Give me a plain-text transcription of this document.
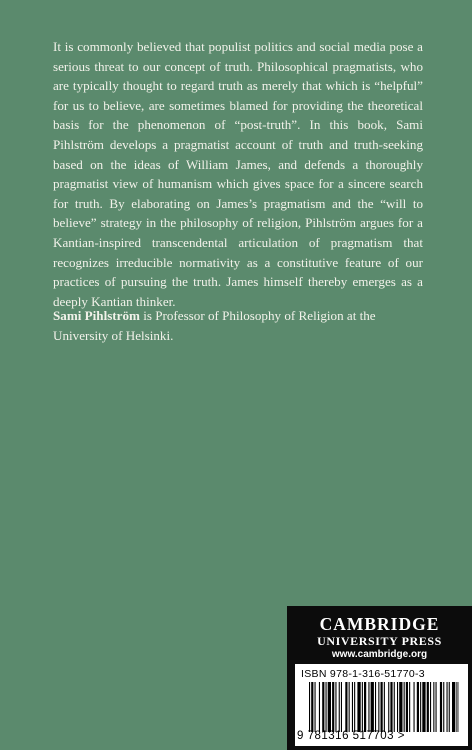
It is commonly believed that populist politics and social media pose a serious threat to our concept of truth. Philosophical pragmatists, who are typically thought to regard truth as merely that which is “helpful” for us to believe, are sometimes blamed for providing the theoretical basis for the phenomenon of “post-truth”. In this book, Sami Pihlström develops a pragmatist account of truth and truth-seeking based on the ideas of William James, and defends a thoroughly pragmatist view of humanism which gives space for a sincere search for truth. By elaborating on James’s pragmatism and the “will to believe” strategy in the philosophy of religion, Pihlström argues for a Kantian-inspired transcendental articulation of pragmatism that recognizes irreducible normativity as a constitutive feature of our practices of pursuing the truth. James himself thereby emerges as a deeply Kantian thinker.

Sami Pihlström is Professor of Philosophy of Religion at the University of Helsinki.

CAMBRIDGE
UNIVERSITY PRESS
www.cambridge.org
ISBN 978-1-316-51770-3
9 781316 517703 >
